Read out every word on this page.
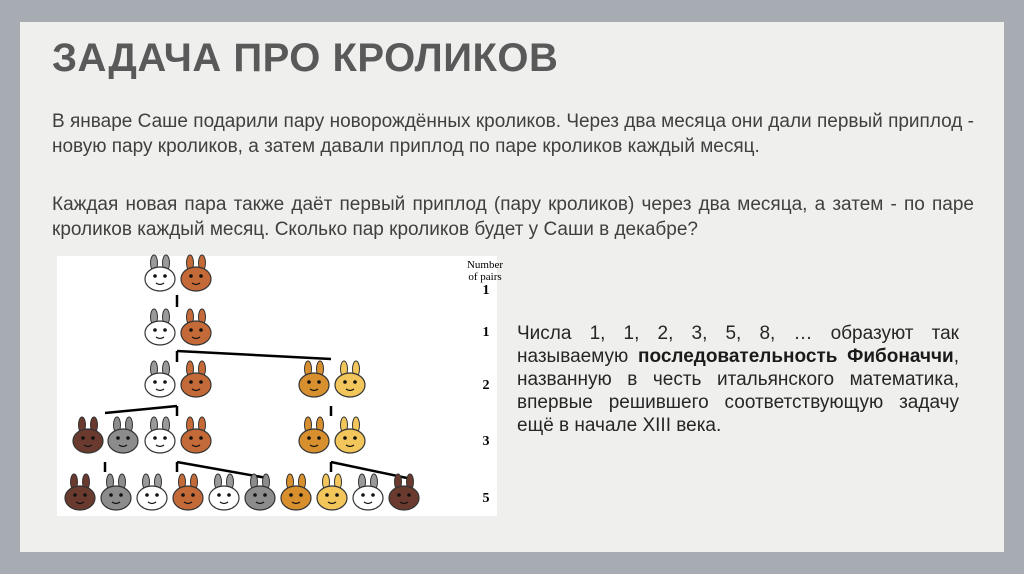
ЗАДАЧА ПРО КРОЛИКОВ

В январе Саше подарили пару новорождённых кроликов. Через два месяца они дали первый приплод - новую пару кроликов, а затем давали приплод по паре кроликов каждый месяц.

Каждая новая пара также даёт первый приплод (пару кроликов) через два месяца, а затем - по паре кроликов каждый месяц. Сколько пар кроликов будет у Саши в декабре?

Number
of pairs
1
1
2
3
5

Числа 1, 1, 2, 3, 5, 8, … образуют так называемую последовательность Фибоначчи, названную в честь итальянского математика, впервые решившего соответствующую задачу ещё в начале XIII века.
